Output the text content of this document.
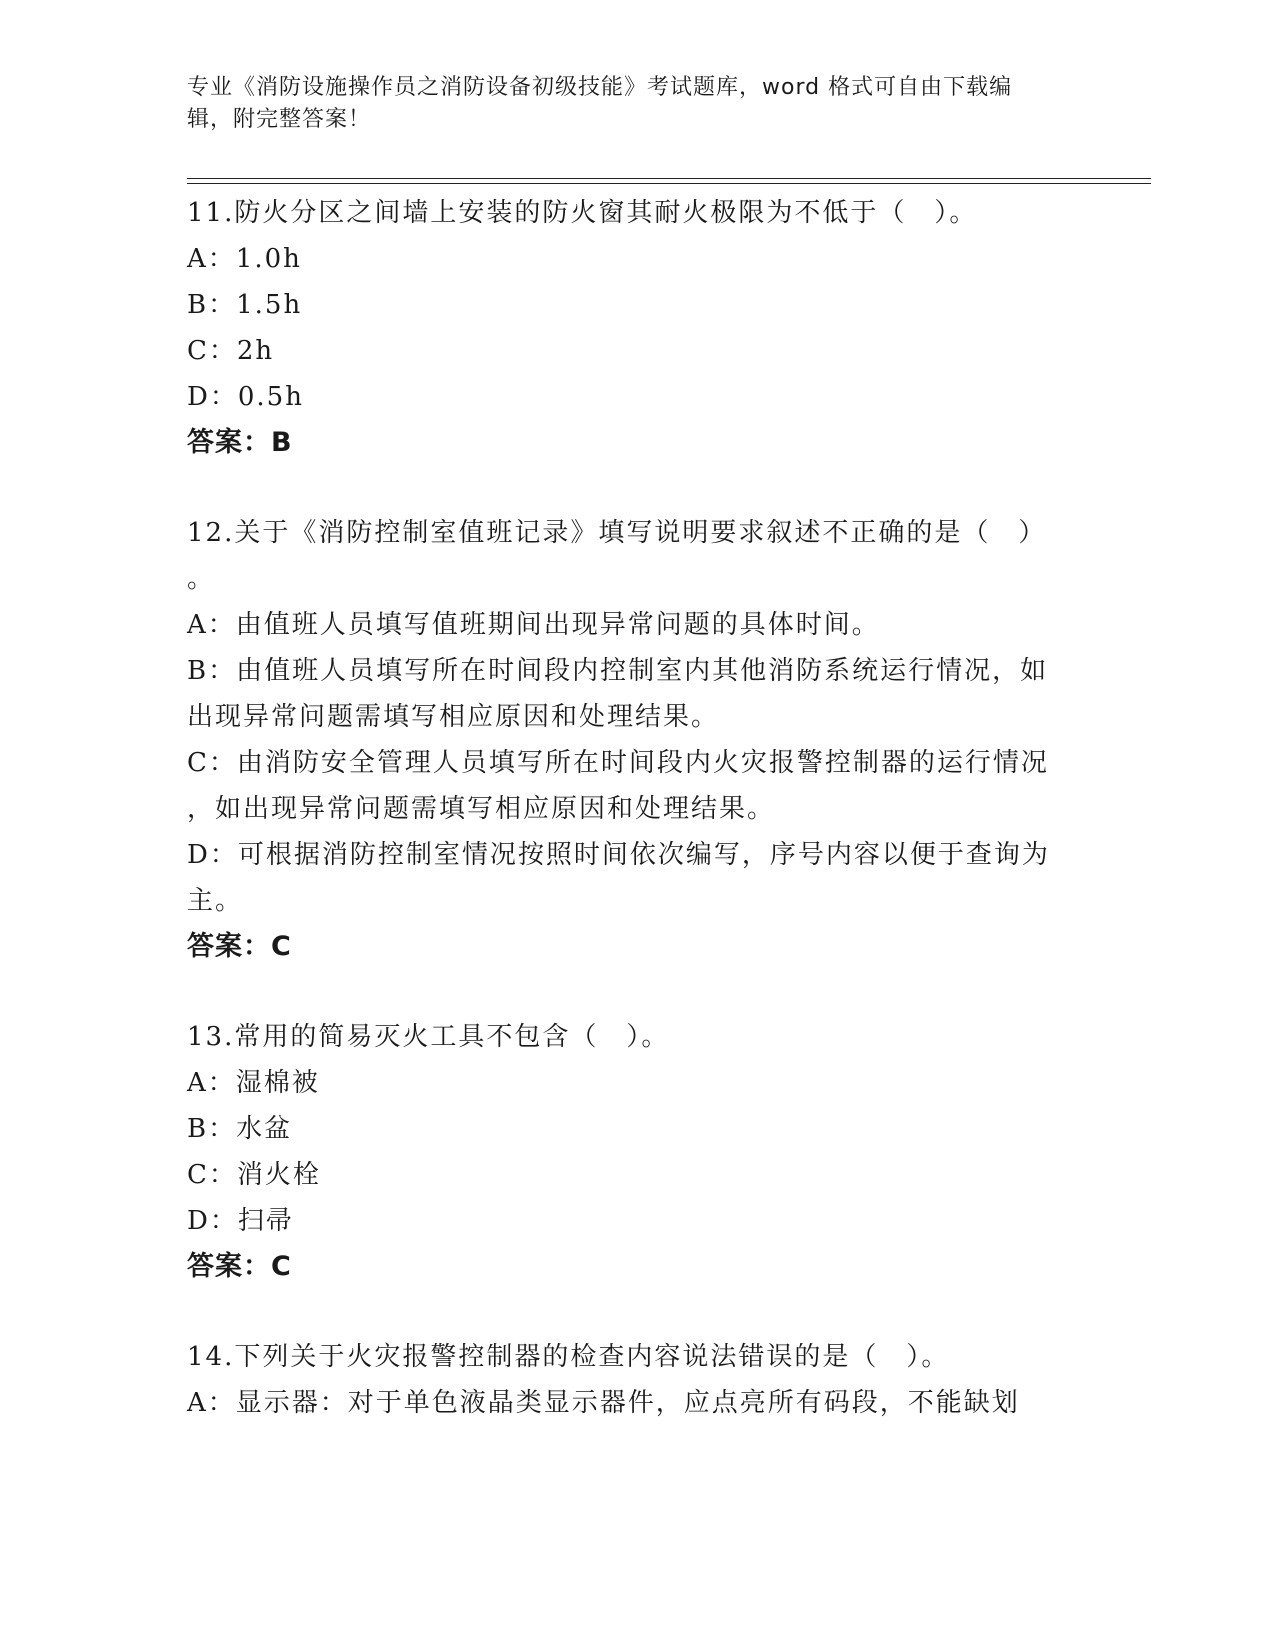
专业《消防设施操作员之消防设备初级技能》考试题库，word 格式可自由下载编
辑，附完整答案！
11.防火分区之间墙上安装的防火窗其耐火极限为不低于（　）。
A：1.0h
B：1.5h
C：2h
D：0.5h
答案：B
12.关于《消防控制室值班记录》填写说明要求叙述不正确的是（　）
。
A：由值班人员填写值班期间出现异常问题的具体时间。
B：由值班人员填写所在时间段内控制室内其他消防系统运行情况，如
出现异常问题需填写相应原因和处理结果。
C：由消防安全管理人员填写所在时间段内火灾报警控制器的运行情况
，如出现异常问题需填写相应原因和处理结果。
D：可根据消防控制室情况按照时间依次编写，序号内容以便于查询为
主。
答案：C
13.常用的简易灭火工具不包含（　）。
A：湿棉被
B：水盆
C：消火栓
D：扫帚
答案：C
14.下列关于火灾报警控制器的检查内容说法错误的是（　）。
A：显示器：对于单色液晶类显示器件，应点亮所有码段，不能缺划
